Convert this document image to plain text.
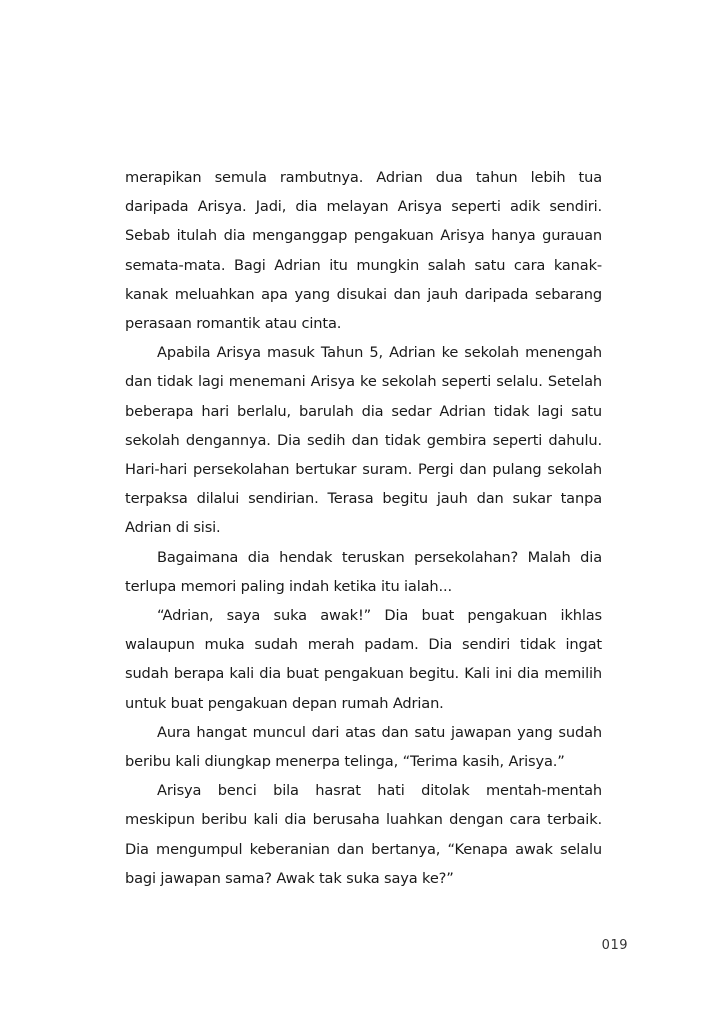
merapikan semula rambutnya. Adrian dua tahun lebih tua daripada Arisya. Jadi, dia melayan Arisya seperti adik sendiri. Sebab itulah dia menganggap pengakuan Arisya hanya gurauan semata-mata. Bagi Adrian itu mungkin salah satu cara kanak-kanak meluahkan apa yang disukai dan jauh daripada sebarang perasaan romantik atau cinta.

Apabila Arisya masuk Tahun 5, Adrian ke sekolah menengah dan tidak lagi menemani Arisya ke sekolah seperti selalu. Setelah beberapa hari berlalu, barulah dia sedar Adrian tidak lagi satu sekolah dengannya. Dia sedih dan tidak gembira seperti dahulu. Hari-hari persekolahan bertukar suram. Pergi dan pulang sekolah terpaksa dilalui sendirian. Terasa begitu jauh dan sukar tanpa Adrian di sisi.

Bagaimana dia hendak teruskan persekolahan? Malah dia terlupa memori paling indah ketika itu ialah...

“Adrian, saya suka awak!” Dia buat pengakuan ikhlas walaupun muka sudah merah padam. Dia sendiri tidak ingat sudah berapa kali dia buat pengakuan begitu. Kali ini dia memilih untuk buat pengakuan depan rumah Adrian.

Aura hangat muncul dari atas dan satu jawapan yang sudah beribu kali diungkap menerpa telinga, “Terima kasih, Arisya.”

Arisya benci bila hasrat hati ditolak mentah-mentah meskipun beribu kali dia berusaha luahkan dengan cara terbaik. Dia mengumpul keberanian dan bertanya, “Kenapa awak selalu bagi jawapan sama? Awak tak suka saya ke?”

019
